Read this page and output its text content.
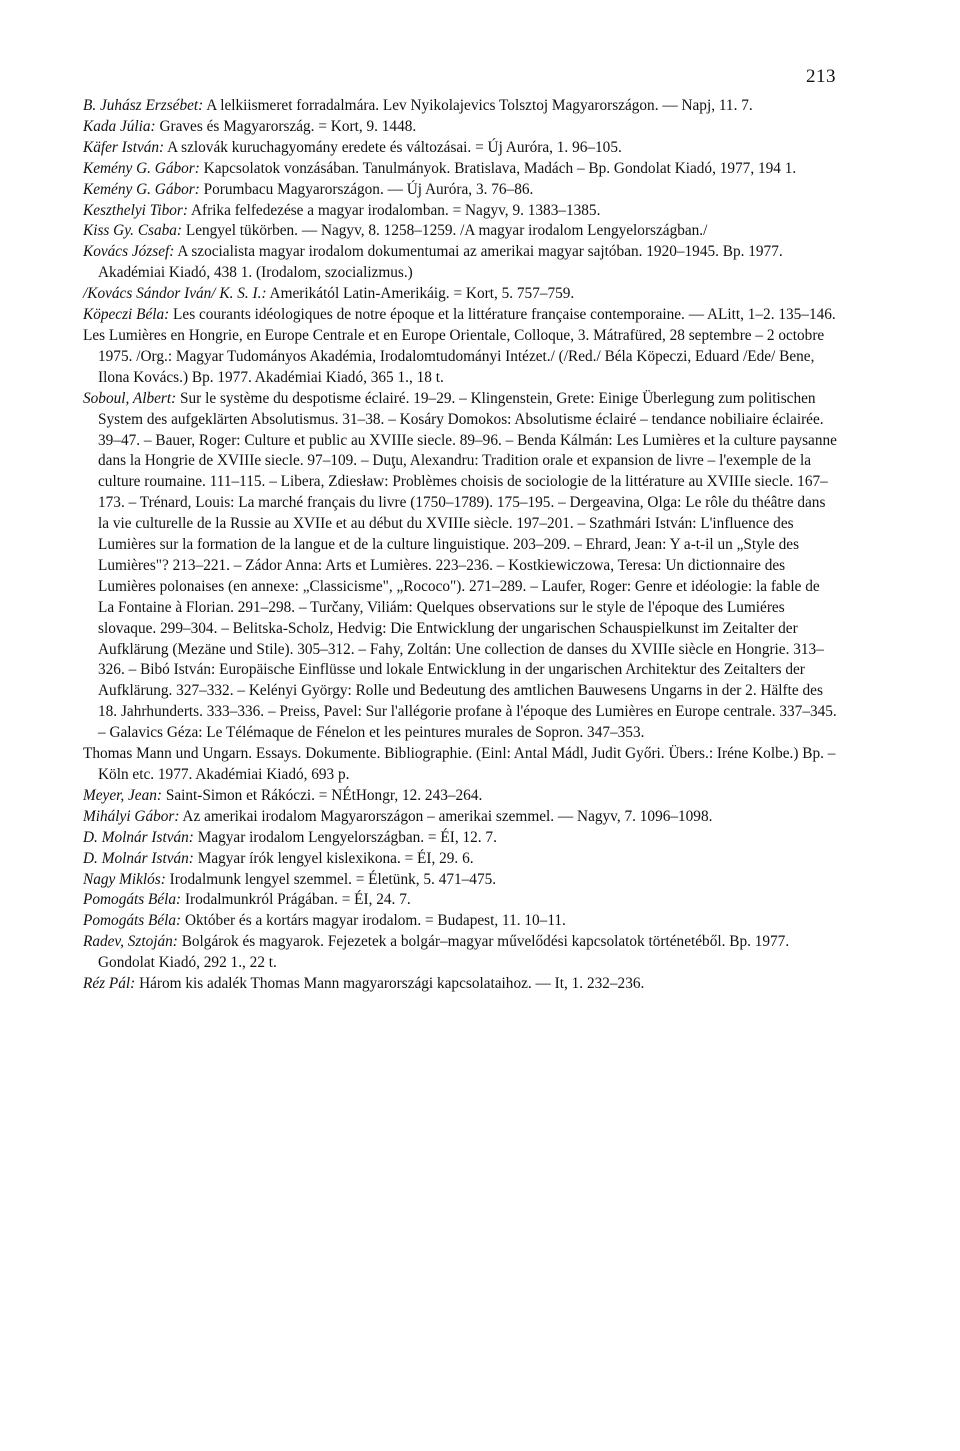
213
B. Juhász Erzsébet: A lelkiismeret forradalmára. Lev Nyikolajevics Tolsztoj Magyarországon. — Napj, 11. 7.
Kada Júlia: Graves és Magyarország. = Kort, 9. 1448.
Käfer István: A szlovák kuruchagyomány eredete és változásai. = Új Auróra, 1. 96–105.
Kemény G. Gábor: Kapcsolatok vonzásában. Tanulmányok. Bratislava, Madách – Bp. Gondolat Kiadó, 1977, 194 1.
Kemény G. Gábor: Porumbacu Magyarországon. — Új Auróra, 3. 76–86.
Keszthelyi Tibor: Afrika felfedezése a magyar irodalomban. = Nagyv, 9. 1383–1385.
Kiss Gy. Csaba: Lengyel tükörben. — Nagyv, 8. 1258–1259. /A magyar irodalom Lengyelországban./
Kovács József: A szocialista magyar irodalom dokumentumai az amerikai magyar sajtóban. 1920–1945. Bp. 1977. Akadémiai Kiadó, 438 1. (Irodalom, szocializmus.)
/Kovács Sándor Iván/ K. S. I.: Amerikától Latin-Amerikáig. = Kort, 5. 757–759.
Köpeczi Béla: Les courants idéologiques de notre époque et la littérature française contemporaine. — ALitt, 1–2. 135–146.
Les Lumières en Hongrie, en Europe Centrale et en Europe Orientale, Colloque, 3. Mátrafüred, 28 septembre – 2 octobre 1975. /Org.: Magyar Tudományos Akadémia, Irodalomtudományi Intézet./ (/Red./ Béla Köpeczi, Eduard /Ede/ Bene, Ilona Kovács.) Bp. 1977. Akadémiai Kiadó, 365 1., 18 t.
Soboul, Albert: Sur le système du despotisme éclairé. 19–29. – Klingenstein, Grete: Einige Überlegung zum politischen System des aufgeklärten Absolutismus. 31–38. – Kosáry Domokos: Absolutisme éclairé – tendance nobiliaire éclairée. 39–47. – Bauer, Roger: Culture et public au XVIIIe siecle. 89–96. – Benda Kálmán: Les Lumières et la culture paysanne dans la Hongrie de XVIIIe siecle. 97–109. – Duţu, Alexandru: Tradition orale et expansion de livre – l'exemple de la culture roumaine. 111–115. – Libera, Zdiesław: Problèmes choisis de sociologie de la littérature au XVIIIe siecle. 167–173. – Trénard, Louis: La marché français du livre (1750–1789). 175–195. – Dergeavina, Olga: Le rôle du théâtre dans la vie culturelle de la Russie au XVIIe et au début du XVIIIe siècle. 197–201. – Szathmári István: L'influence des Lumières sur la formation de la langue et de la culture linguistique. 203–209. – Ehrard, Jean: Y a-t-il un „Style des Lumières"? 213–221. – Zádor Anna: Arts et Lumières. 223–236. – Kostkiewiczowa, Teresa: Un dictionnaire des Lumières polonaises (en annexe: „Classicisme", „Rococo"). 271–289. – Laufer, Roger: Genre et idéologie: la fable de La Fontaine à Florian. 291–298. – Turčany, Viliám: Quelques observations sur le style de l'époque des Lumiéres slovaque. 299–304. – Belitska-Scholz, Hedvig: Die Entwicklung der ungarischen Schauspielkunst im Zeitalter der Aufklärung (Mezäne und Stile). 305–312. – Fahy, Zoltán: Une collection de danses du XVIIIe siècle en Hongrie. 313–326. – Bibó István: Europäische Einflüsse und lokale Entwicklung in der ungarischen Architektur des Zeitalters der Aufklärung. 327–332. – Kelényi György: Rolle und Bedeutung des amtlichen Bauwesens Ungarns in der 2. Hälfte des 18. Jahrhunderts. 333–336. – Preiss, Pavel: Sur l'allégorie profane à l'époque des Lumières en Europe centrale. 337–345. – Galavics Géza: Le Télémaque de Fénelon et les peintures murales de Sopron. 347–353.
Thomas Mann und Ungarn. Essays. Dokumente. Bibliographie. (Einl: Antal Mádl, Judit Győri. Übers.: Iréne Kolbe.) Bp. – Köln etc. 1977. Akadémiai Kiadó, 693 p.
Meyer, Jean: Saint-Simon et Rákóczi. = NÉtHongr, 12. 243–264.
Mihályi Gábor: Az amerikai irodalom Magyarországon – amerikai szemmel. — Nagyv, 7. 1096–1098.
D. Molnár István: Magyar irodalom Lengyelországban. = ÉI, 12. 7.
D. Molnár István: Magyar írók lengyel kislexikona. = ÉI, 29. 6.
Nagy Miklós: Irodalmunk lengyel szemmel. = Életünk, 5. 471–475.
Pomogáts Béla: Irodalmunkról Prágában. = ÉI, 24. 7.
Pomogáts Béla: Október és a kortárs magyar irodalom. = Budapest, 11. 10–11.
Radev, Sztoján: Bolgárok és magyarok. Fejezetek a bolgár–magyar művelődési kapcsolatok történetéből. Bp. 1977. Gondolat Kiadó, 292 1., 22 t.
Réz Pál: Három kis adalék Thomas Mann magyarországi kapcsolataihoz. — It, 1. 232–236.
